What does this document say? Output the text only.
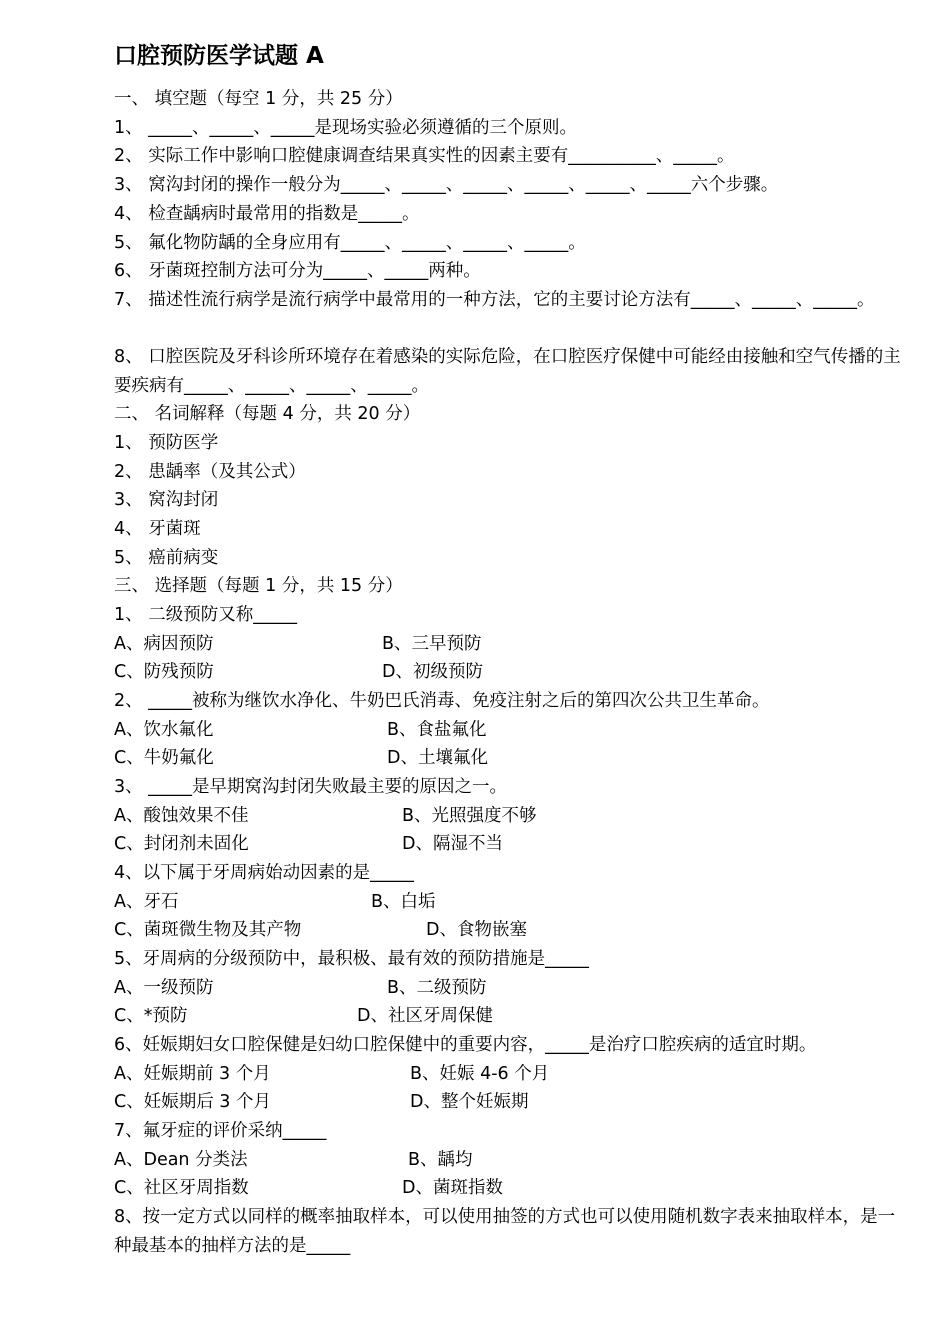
口腔预防医学试题 A
一、 填空题（每空 1 分，共 25 分）
1、 _____、_____、_____是现场实验必须遵循的三个原则。
2、 实际工作中影响口腔健康调查结果真实性的因素主要有__________、_____。
3、 窝沟封闭的操作一般分为_____、_____、_____、_____、_____、_____六个步骤。
4、 检查龋病时最常用的指数是_____。
5、 氟化物防龋的全身应用有_____、_____、_____、_____。
6、 牙菌斑控制方法可分为_____、_____两种。
7、 描述性流行病学是流行病学中最常用的一种方法，它的主要讨论方法有_____、_____、_____。
8、 口腔医院及牙科诊所环境存在着感染的实际危险，在口腔医疗保健中可能经由接触和空气传播的主要疾病有_____、_____、_____、_____。
二、 名词解释（每题 4 分，共 20 分）
1、 预防医学
2、 患龋率（及其公式）
3、 窝沟封闭
4、 牙菌斑
5、 癌前病变
三、 选择题（每题 1 分，共 15 分）
1、 二级预防又称_____
A、病因预防	B、三早预防
C、防残预防	D、初级预防
2、 _____被称为继饮水净化、牛奶巴氏消毒、免疫注射之后的第四次公共卫生革命。
A、饮水氟化	B、食盐氟化
C、牛奶氟化	D、土壤氟化
3、 _____是早期窝沟封闭失败最主要的原因之一。
A、酸蚀效果不佳	B、光照强度不够
C、封闭剂未固化	D、隔湿不当
4、以下属于牙周病始动因素的是_____
A、牙石	B、白垢
C、菌斑微生物及其产物	D、食物嵌塞
5、牙周病的分级预防中，最积极、最有效的预防措施是_____
A、一级预防	B、二级预防
C、*预防	D、社区牙周保健
6、妊娠期妇女口腔保健是妇幼口腔保健中的重要内容，_____是治疗口腔疾病的适宜时期。
A、妊娠期前 3 个月	B、妊娠 4-6 个月
C、妊娠期后 3 个月	D、整个妊娠期
7、氟牙症的评价采纳_____
A、Dean 分类法	B、龋均
C、社区牙周指数	D、菌斑指数
8、按一定方式以同样的概率抽取样本，可以使用抽签的方式也可以使用随机数字表来抽取样本，是一种最基本的抽样方法的是_____
